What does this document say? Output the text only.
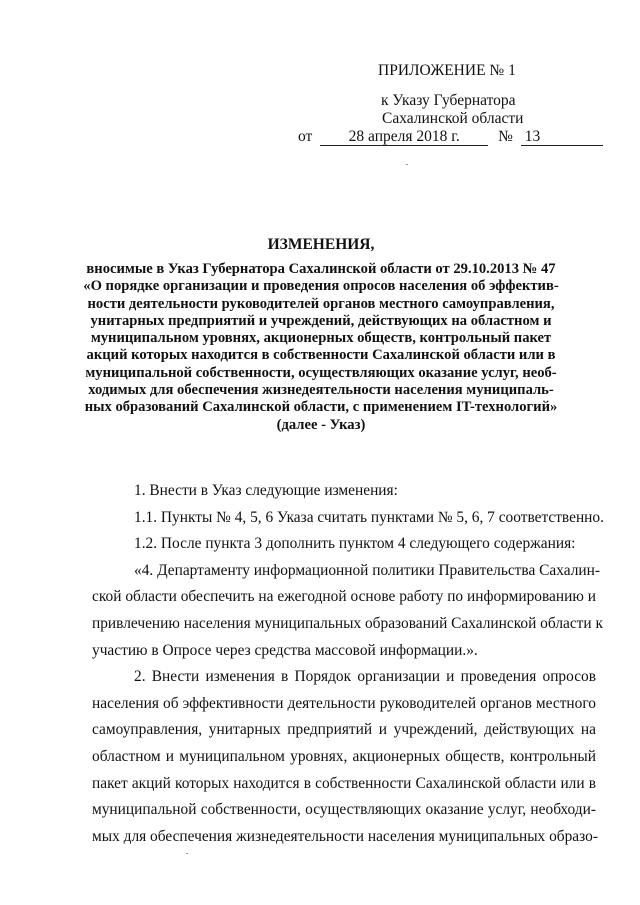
ПРИЛОЖЕНИЕ № 1
к Указу Губернатора
Сахалинской области
от 28 апреля 2018 г. № 13
ИЗМЕНЕНИЯ,
вносимые в Указ Губернатора Сахалинской области от 29.10.2013 № 47
«О порядке организации и проведения опросов населения об эффектив-
ности деятельности руководителей органов местного самоуправления,
унитарных предприятий и учреждений, действующих на областном и
муниципальном уровнях, акционерных обществ, контрольный пакет
акций которых находится в собственности Сахалинской области или в
муниципальной собственности, осуществляющих оказание услуг, необ-
ходимых для обеспечения жизнедеятельности населения муниципаль-
ных образований Сахалинской области, с применением IT-технологий»
(далее - Указ)
1. Внести в Указ следующие изменения:
1.1. Пункты № 4, 5, 6 Указа считать пунктами № 5, 6, 7 соответственно.
1.2. После пункта 3 дополнить пунктом 4 следующего содержания:
«4. Департаменту информационной политики Правительства Сахалин-
ской области обеспечить на ежегодной основе работу по информированию и
привлечению населения муниципальных образований Сахалинской области к
участию в Опросе через средства массовой информации.».
2. Внести изменения в Порядок организации и проведения опросов
населения об эффективности деятельности руководителей органов местного
самоуправления, унитарных предприятий и учреждений, действующих на
областном и муниципальном уровнях, акционерных обществ, контрольный
пакет акций которых находится в собственности Сахалинской области или в
муниципальной собственности, осуществляющих оказание услуг, необходи-
мых для обеспечения жизнедеятельности населения муниципальных образо-
